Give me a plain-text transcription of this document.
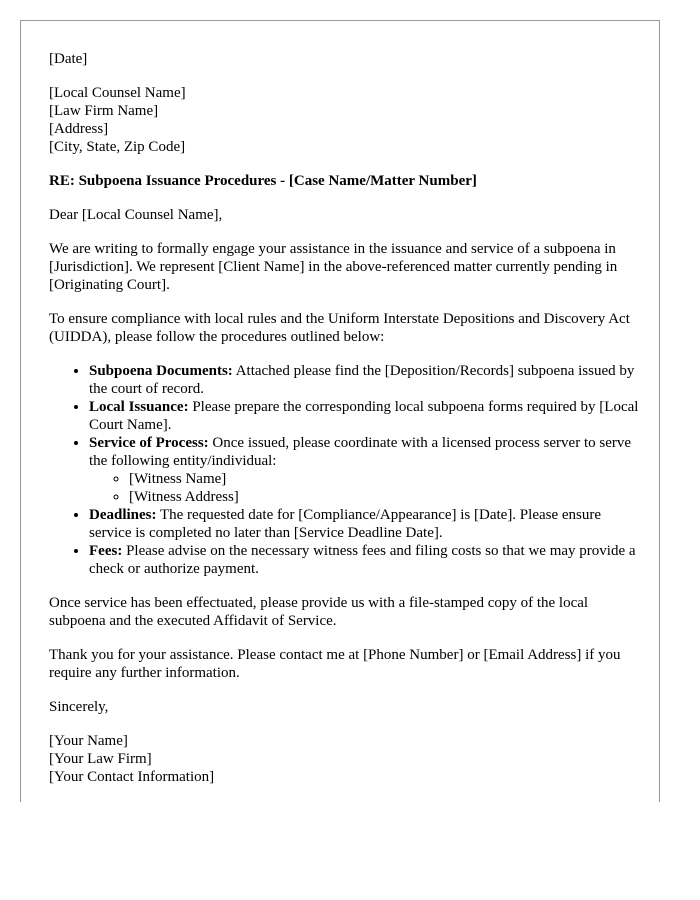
[Date]

[Local Counsel Name]
[Law Firm Name]
[Address]
[City, State, Zip Code]

RE: Subpoena Issuance Procedures - [Case Name/Matter Number]

Dear [Local Counsel Name],

We are writing to formally engage your assistance in the issuance and service of a subpoena in [Jurisdiction]. We represent [Client Name] in the above-referenced matter currently pending in [Originating Court].

To ensure compliance with local rules and the Uniform Interstate Depositions and Discovery Act (UIDDA), please follow the procedures outlined below:

• Subpoena Documents: Attached please find the [Deposition/Records] subpoena issued by the court of record.
• Local Issuance: Please prepare the corresponding local subpoena forms required by [Local Court Name].
• Service of Process: Once issued, please coordinate with a licensed process server to serve the following entity/individual:
◦ [Witness Name]
◦ [Witness Address]
• Deadlines: The requested date for [Compliance/Appearance] is [Date]. Please ensure service is completed no later than [Service Deadline Date].
• Fees: Please advise on the necessary witness fees and filing costs so that we may provide a check or authorize payment.

Once service has been effectuated, please provide us with a file-stamped copy of the local subpoena and the executed Affidavit of Service.

Thank you for your assistance. Please contact me at [Phone Number] or [Email Address] if you require any further information.

Sincerely,

[Your Name]
[Your Law Firm]
[Your Contact Information]
